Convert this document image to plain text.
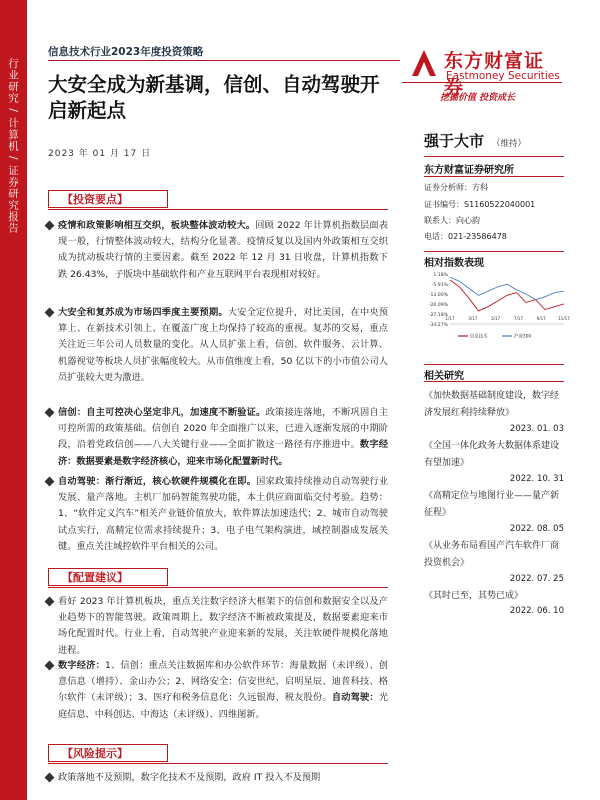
行业研究 / 计算机 / 证券研究报告
信息技术行业2023年度投资策略
大安全成为新基调，信创、自动驾驶开
启新起点
2023 年 01 月 17 日
东方财富证券
Eastmoney Securities
挖掘价值 投资成长
强于大市 （维持）
东方财富证券研究所
证券分析师：方科
证书编号：S1160522040001
联系人：向心韵
电话：021-23586478
相对指数表现
1.18%
-5.91%
-13.00%
-20.09%
-27.18%
-34.27%
1/17	3/17	5/17	7/17	9/17	11/17
信息技术	沪深300
相关研究
《加快数据基础制度建设，数字经济发展红利持续释放》
2023. 01. 03
《全国一体化政务大数据体系建设有望加速》
2022. 10. 31
《高精定位与地图行业——量产新征程》
2022. 08. 05
《从业务布局看国产汽车软件厂商投资机会》
2022. 07. 25
《其时已至，其势已成》
2022. 06. 10
【投资要点】
疫情和政策影响相互交织，板块整体波动较大。回顾 2022 年计算机指数层面表现一般，行情整体波动较大，结构分化显著。疫情反复以及国内外政策相互交织成为扰动板块行情的主要因素。截至 2022 年 12 月 31 日收盘，计算机指数下跌 26.43%，子版块中基础软件和产业互联网平台表现相对较好。
大安全和复苏成为市场四季度主要预期。大安全定位提升，对比美国，在中央预算上、在新技术引领上、在覆盖广度上均保持了较高的重视。复苏的交易，重点关注近三年公司人员数量的变化。从人员扩张上看，信创、软件服务、云计算、机器视觉等板块人员扩张幅度较大。从市值维度上看，50 亿以下的小市值公司人员扩张较大更为激进。
信创：自主可控决心坚定非凡，加速度不断验证。政策接连落地，不断巩固自主可控所需的政策基础。信创自 2020 年全面推广以来，已进入逐渐发展的中期阶段，沿着党政信创——八大关键行业——全面扩散这一路径有序推进中。数字经济：数据要素是数字经济核心，迎来市场化配置新时代。
自动驾驶：渐行渐近，核心软硬件规模化在即。国家政策持续推动自动驾驶行业发展、量产落地。主机厂加码智能驾驶功能，本土供应商面临交付考验。趋势：1、“软件定义汽车”相关产业链价值放大，软件算法加速迭代；2、城市自动驾驶试点实行，高精定位需求持续提升；3、电子电气架构演进，域控制器成发展关键。重点关注域控软件平台相关的公司。
【配置建议】
看好 2023 年计算机板块，重点关注数字经济大框架下的信创和数据安全以及产业趋势下的智能驾驶。政策周期上，数字经济不断被政策提及，数据要素迎来市场化配置时代。行业上看，自动驾驶产业迎来新的发展，关注软硬件规模化落地进程。
数字经济：1、信创：重点关注数据库和办公软件环节：海量数据（未评级）、创意信息（增持）、金山办公；2、网络安全：信安世纪、启明星辰、迪普科技、格尔软件（未评级）；3、医疗和税务信息化：久远银海、税友股份。自动驾驶：光庭信息、中科创达、中海达（未评级）、四维图新。
【风险提示】
政策落地不及预期，数字化技术不及预期，政府 IT 投入不及预期
